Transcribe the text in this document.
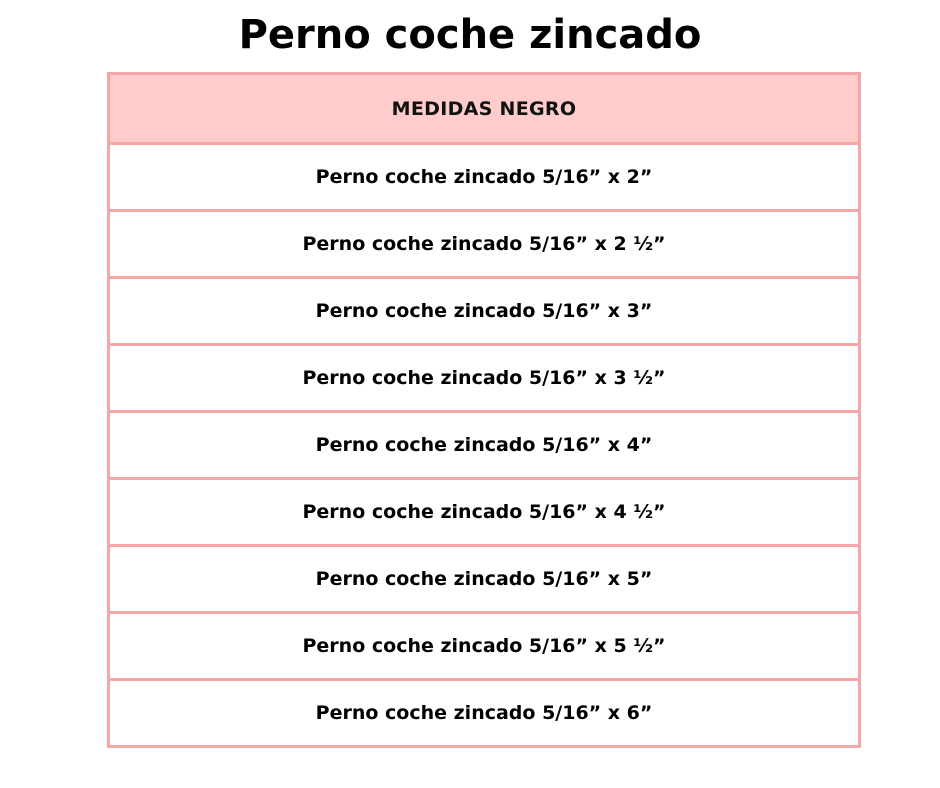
Perno coche zincado
MEDIDAS NEGRO
Perno coche zincado 5/16” x 2”
Perno coche zincado 5/16” x 2 ½”
Perno coche zincado 5/16” x 3”
Perno coche zincado 5/16” x 3 ½”
Perno coche zincado 5/16” x 4”
Perno coche zincado 5/16” x 4 ½”
Perno coche zincado 5/16” x 5”
Perno coche zincado 5/16” x 5 ½”
Perno coche zincado 5/16” x 6”
